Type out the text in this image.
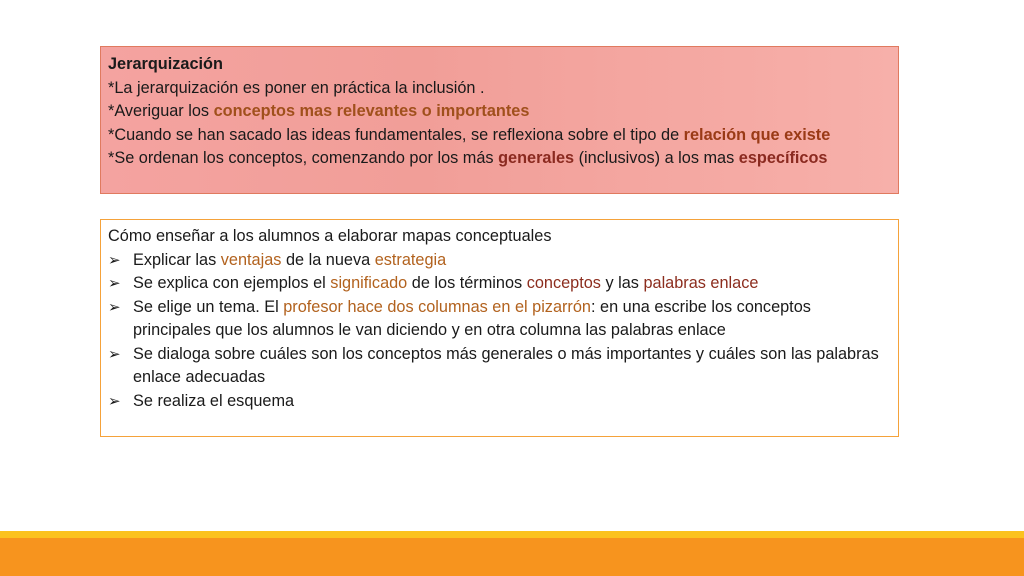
Jerarquización
*La jerarquización es poner en práctica la inclusión .
*Averiguar los conceptos mas relevantes o importantes
*Cuando se han sacado las ideas fundamentales, se reflexiona sobre el tipo de relación que existe
*Se ordenan los conceptos, comenzando por los más generales (inclusivos) a los mas específicos
Cómo enseñar a los alumnos a elaborar mapas conceptuales
➢ Explicar las ventajas de la nueva estrategia
➢ Se explica con ejemplos el significado de los términos conceptos y las palabras enlace
➢ Se elige un tema. El profesor hace dos columnas en el pizarrón: en una escribe los conceptos principales que los alumnos le van diciendo y en otra columna las palabras enlace
➢ Se dialoga sobre cuáles son los conceptos más generales o más importantes y cuáles son las palabras enlace adecuadas
➢ Se realiza el esquema
